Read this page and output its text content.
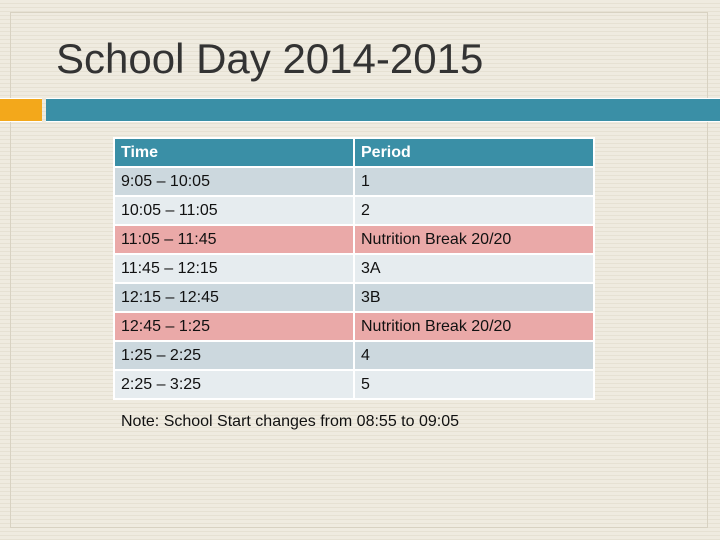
School Day 2014-2015
Time	Period
9:05 – 10:05	1
10:05 – 11:05	2
11:05 – 11:45	Nutrition Break 20/20
11:45 – 12:15	3A
12:15 – 12:45	3B
12:45 – 1:25	Nutrition Break 20/20
1:25 – 2:25	4
2:25 – 3:25	5
Note: School Start changes from 08:55 to 09:05
